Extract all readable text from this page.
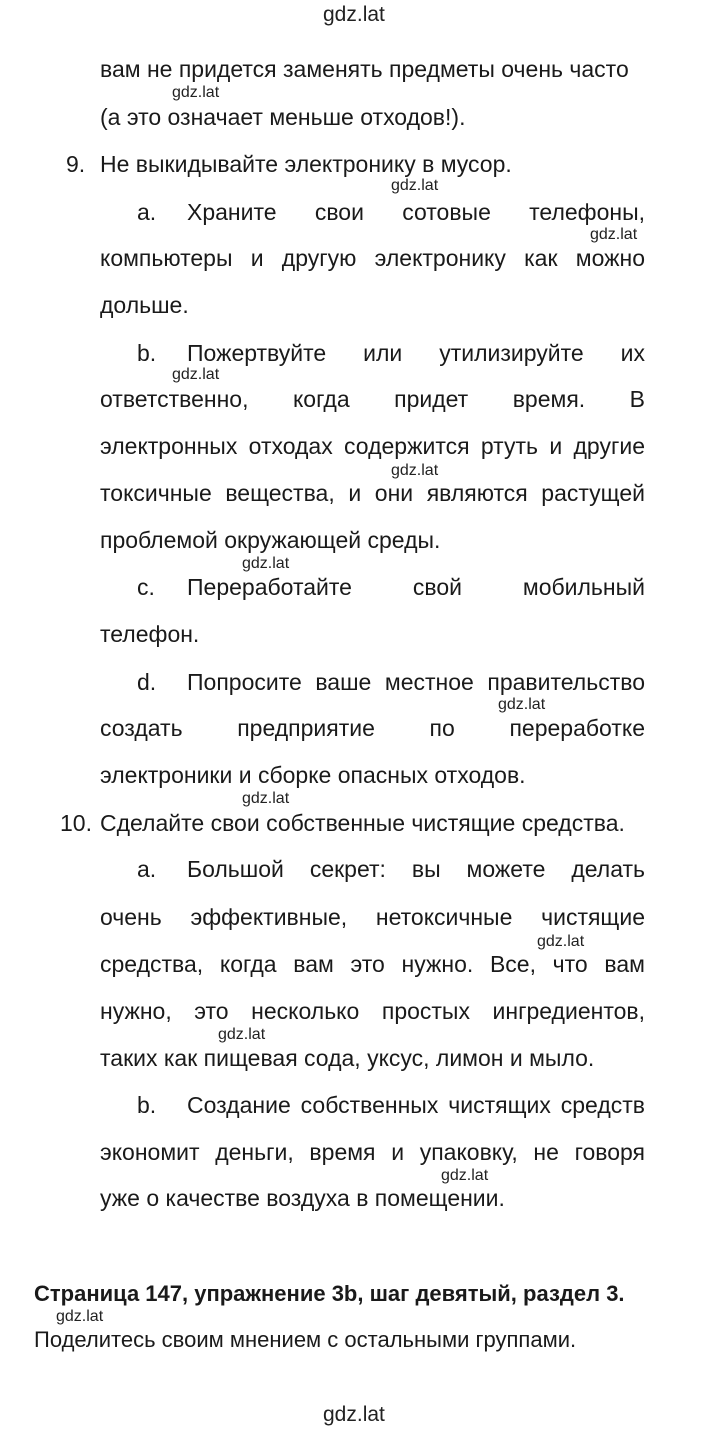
gdz.lat
gdz.lat
вам не придется заменять предметы очень часто
gdz.lat
(а это означает меньше отходов!).
9. Не выкидывайте электронику в мусор.
gdz.lat
a. Храните свои сотовые телефоны,
gdz.lat
компьютеры и другую электронику как можно
дольше.
b. Пожертвуйте или утилизируйте их
gdz.lat
ответственно, когда придет время. В
электронных отходах содержится ртуть и другие
gdz.lat
токсичные вещества, и они являются растущей
проблемой окружающей среды.
gdz.lat
c. Переработайте свой мобильный
телефон.
d. Попросите ваше местное правительство
gdz.lat
создать предприятие по переработке
электроники и сборке опасных отходов.
gdz.lat
10. Сделайте свои собственные чистящие средства.
a. Большой секрет: вы можете делать
очень эффективные, нетоксичные чистящие
gdz.lat
средства, когда вам это нужно. Все, что вам
нужно, это несколько простых ингредиентов,
gdz.lat
таких как пищевая сода, уксус, лимон и мыло.
b. Создание собственных чистящих средств
экономит деньги, время и упаковку, не говоря
gdz.lat
уже о качестве воздуха в помещении.
Страница 147, упражнение 3b, шаг девятый, раздел 3.
gdz.lat
Поделитесь своим мнением с остальными группами.
